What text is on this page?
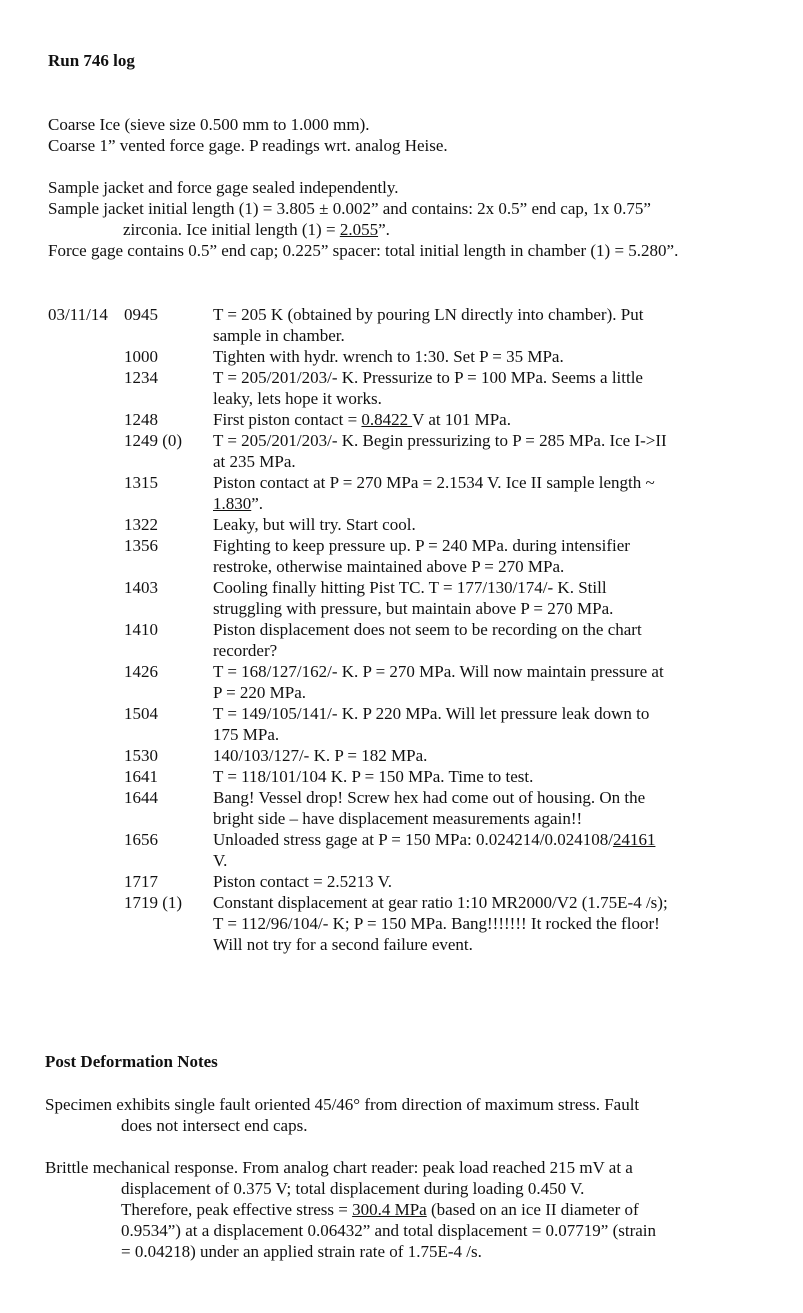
Run 746 log
Coarse Ice (sieve size 0.500 mm to 1.000 mm).
Coarse 1” vented force gage. P readings wrt. analog Heise.
Sample jacket and force gage sealed independently.
Sample jacket initial length (1) = 3.805 ± 0.002” and contains: 2x 0.5” end cap, 1x 0.75”
zirconia. Ice initial length (1) = 2.055”.
Force gage contains 0.5” end cap; 0.225” spacer: total initial length in chamber (1) = 5.280”.
03/11/14 0945	T = 205 K (obtained by pouring LN directly into chamber). Put
sample in chamber.
1000	Tighten with hydr. wrench to 1:30. Set P = 35 MPa.
1234	T = 205/201/203/- K. Pressurize to P = 100 MPa. Seems a little
leaky, lets hope it works.
1248	First piston contact = 0.8422 V at 101 MPa.
1249 (0) T = 205/201/203/- K. Begin pressurizing to P = 285 MPa. Ice I->II
at 235 MPa.
1315	Piston contact at P = 270 MPa = 2.1534 V. Ice II sample length ~
1.830”.
1322	Leaky, but will try. Start cool.
1356	Fighting to keep pressure up. P = 240 MPa. during intensifier
restroke, otherwise maintained above P = 270 MPa.
1403	Cooling finally hitting Pist TC. T = 177/130/174/- K. Still
struggling with pressure, but maintain above P = 270 MPa.
1410	Piston displacement does not seem to be recording on the chart
recorder?
1426	T = 168/127/162/- K. P = 270 MPa. Will now maintain pressure at
P = 220 MPa.
1504	T = 149/105/141/- K. P 220 MPa. Will let pressure leak down to
175 MPa.
1530	140/103/127/- K. P = 182 MPa.
1641	T = 118/101/104 K. P = 150 MPa. Time to test.
1644	Bang! Vessel drop! Screw hex had come out of housing. On the
bright side – have displacement measurements again!!
1656	Unloaded stress gage at P = 150 MPa: 0.024214/0.024108/24161
V.
1717	Piston contact = 2.5213 V.
1719 (1) Constant displacement at gear ratio 1:10 MR2000/V2 (1.75E-4 /s);
T = 112/96/104/- K; P = 150 MPa. Bang!!!!!!! It rocked the floor!
Will not try for a second failure event.
Post Deformation Notes
Specimen exhibits single fault oriented 45/46° from direction of maximum stress. Fault
does not intersect end caps.
Brittle mechanical response. From analog chart reader: peak load reached 215 mV at a
displacement of 0.375 V; total displacement during loading 0.450 V.
Therefore, peak effective stress = 300.4 MPa (based on an ice II diameter of
0.9534”) at a displacement 0.06432” and total displacement = 0.07719” (strain
= 0.04218) under an applied strain rate of 1.75E-4 /s.
